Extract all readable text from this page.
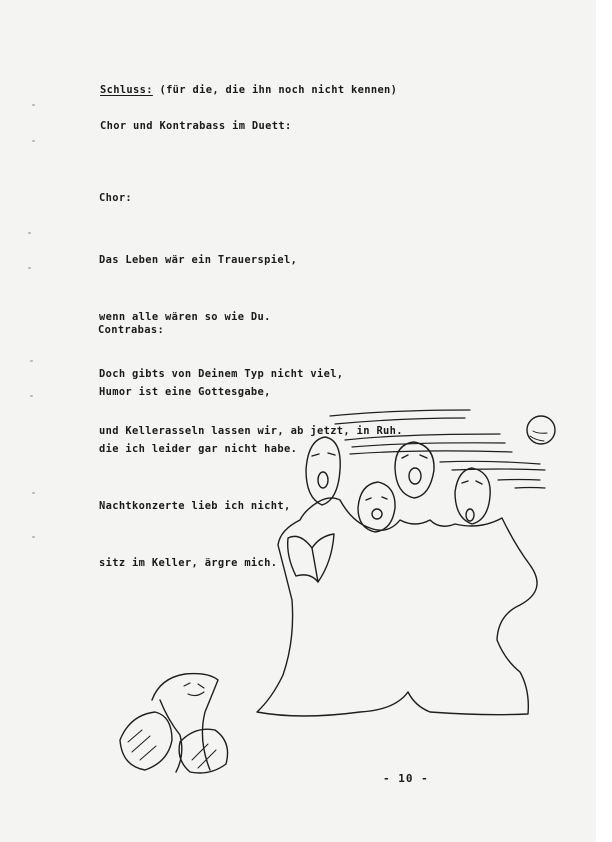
Schluss: (für die, die ihn noch nicht kennen)
Chor und Kontrabass im Duett:
Chor:

Das Leben wär ein Trauerspiel,

wenn alle wären so wie Du.

Doch gibts von Deinem Typ nicht viel,

und Kellerasseln lassen wir, ab jetzt, in Ruh.

Contrabas:

Humor ist eine Gottesgabe,

die ich leider gar nicht habe.

Nachtkonzerte lieb ich nicht,

sitz im Keller, ärgre mich.

- 10 -
